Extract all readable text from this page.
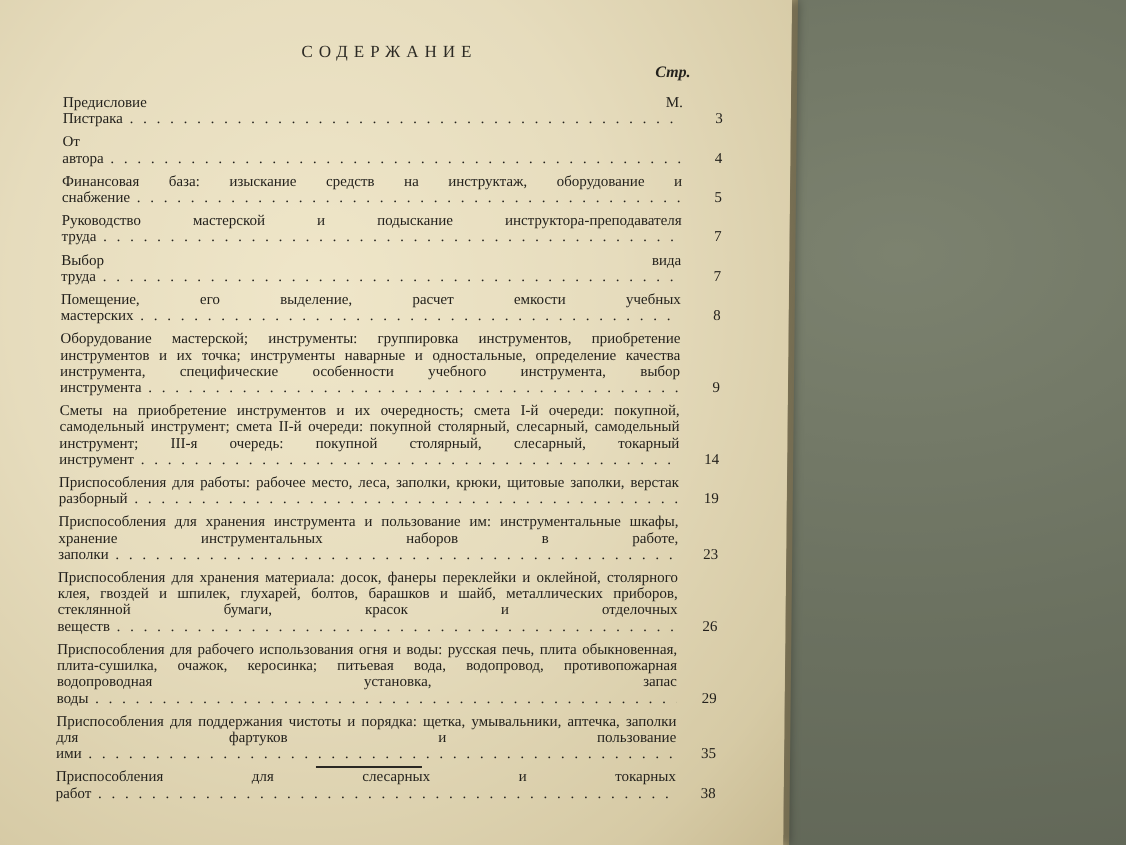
СОДЕРЖАНИЕ
Стр.
Предисловие М. Пистрака . . .	3
От автора . . .	4
Финансовая база: изыскание средств на инструктаж, оборудование и снабжение . . .	5
Руководство мастерской и подыскание инструктора-преподавателя труда . . .	7
Выбор вида труда . . .	7
Помещение, его выделение, расчет емкости учебных мастерских . . .	8
Оборудование мастерской; инструменты: группировка инструментов, приобретение инструментов и их точка; инструменты наварные и одностальные, определение качества инструмента, специфические особенности учебного инструмента, выбор инструмента . . .	9
Сметы на приобретение инструментов и их очередность; смета I-й очереди: покупной, самодельный инструмент; смета II-й очереди: покупной столярный, слесарный, самодельный инструмент; III-я очередь: покупной столярный, слесарный, токарный инструмент . . .	14
Приспособления для работы: рабочее место, леса, заполки, крюки, щитовые заполки, верстак разборный . . .	19
Приспособления для хранения инструмента и пользование им: инструментальные шкафы, хранение инструментальных наборов в работе, заполки . . .	23
Приспособления для хранения материала: досок, фанеры переклейки и оклейной, столярного клея, гвоздей и шпилек, глухарей, болтов, барашков и шайб, металлических приборов, стеклянной бумаги, красок и отделочных веществ . . .	26
Приспособления для рабочего использования огня и воды: русская печь, плита обыкновенная, плита-сушилка, очажок, керосинка; питьевая вода, водопровод, противопожарная водопроводная установка, запас воды . . .	29
Приспособления для поддержания чистоты и порядка: щетка, умывальники, аптечка, заполки для фартуков и пользование ими . . .	35
Приспособления для слесарных и токарных работ . . .	38
